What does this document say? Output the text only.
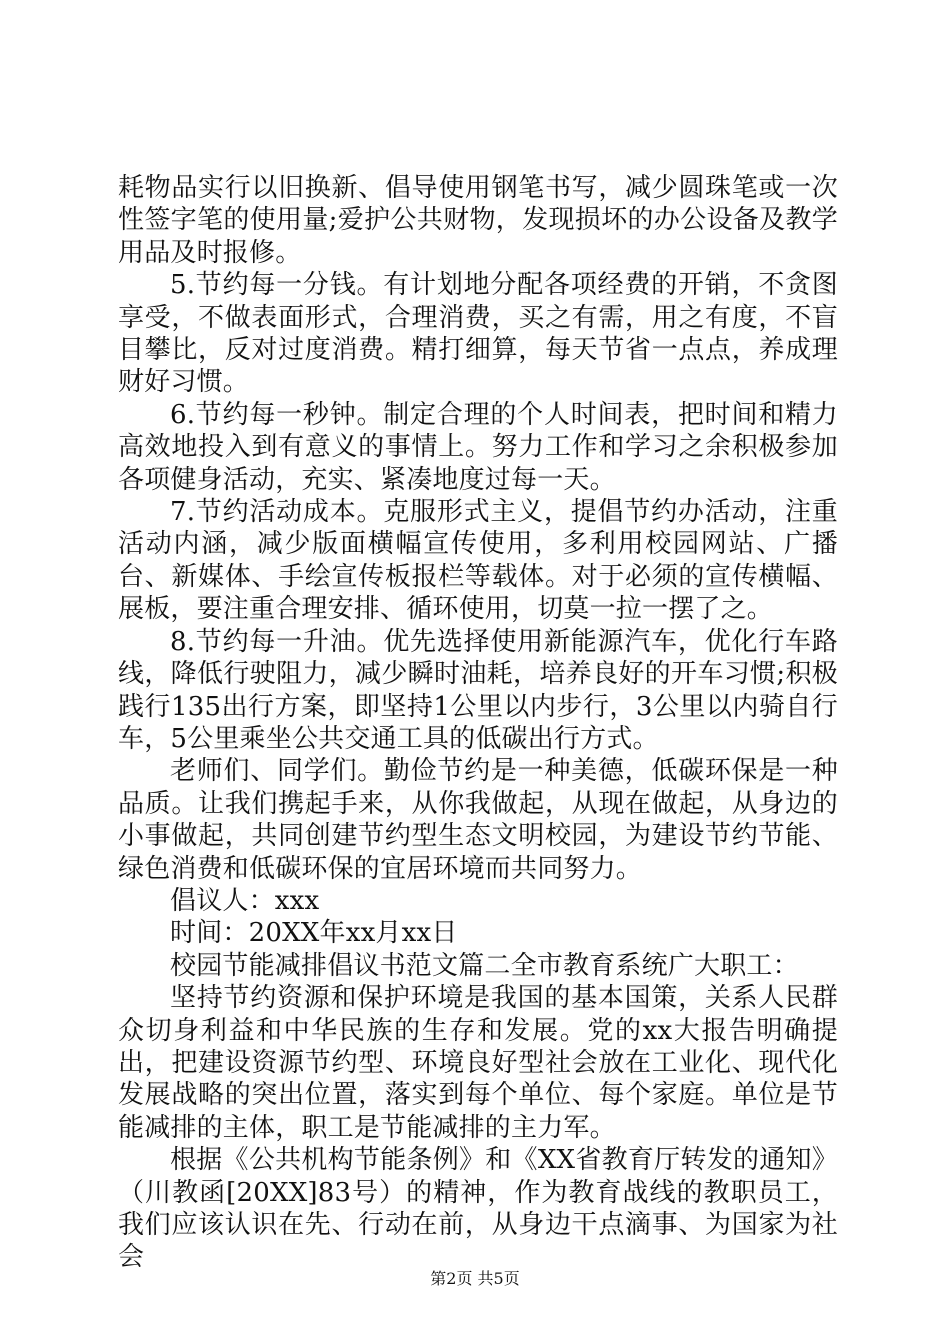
耗物品实行以旧换新、倡导使用钢笔书写，减少圆珠笔或一次性签字笔的使用量;爱护公共财物，发现损坏的办公设备及教学用品及时报修。

5.节约每一分钱。有计划地分配各项经费的开销，不贪图享受，不做表面形式，合理消费，买之有需，用之有度，不盲目攀比，反对过度消费。精打细算，每天节省一点点，养成理财好习惯。

6.节约每一秒钟。制定合理的个人时间表，把时间和精力高效地投入到有意义的事情上。努力工作和学习之余积极参加各项健身活动，充实、紧凑地度过每一天。

7.节约活动成本。克服形式主义，提倡节约办活动，注重活动内涵，减少版面横幅宣传使用，多利用校园网站、广播台、新媒体、手绘宣传板报栏等载体。对于必须的宣传横幅、展板，要注重合理安排、循环使用，切莫一拉一摆了之。

8.节约每一升油。优先选择使用新能源汽车，优化行车路线，降低行驶阻力，减少瞬时油耗，培养良好的开车习惯;积极践行135出行方案，即坚持1公里以内步行，3公里以内骑自行车，5公里乘坐公共交通工具的低碳出行方式。

老师们、同学们。勤俭节约是一种美德，低碳环保是一种品质。让我们携起手来，从你我做起，从现在做起，从身边的小事做起，共同创建节约型生态文明校园，为建设节约节能、绿色消费和低碳环保的宜居环境而共同努力。

倡议人：xxx

时间：20XX年xx月xx日

校园节能减排倡议书范文篇二全市教育系统广大职工：

坚持节约资源和保护环境是我国的基本国策，关系人民群众切身利益和中华民族的生存和发展。党的xx大报告明确提出，把建设资源节约型、环境良好型社会放在工业化、现代化发展战略的突出位置，落实到每个单位、每个家庭。单位是节能减排的主体，职工是节能减排的主力军。

根据《公共机构节能条例》和《XX省教育厅转发的通知》（川教函[20XX]83号）的精神，作为教育战线的教职员工，我们应该认识在先、行动在前，从身边干点滴事、为国家为社会

第2页 共5页
